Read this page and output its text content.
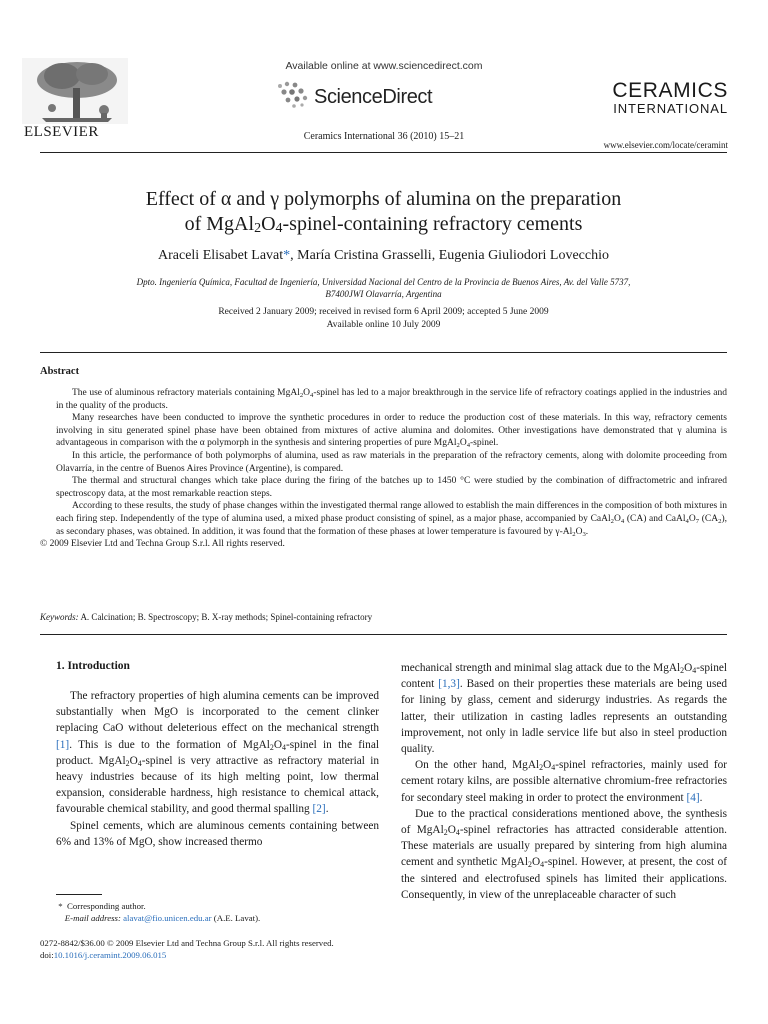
ELSEVIER
Available online at www.sciencedirect.com
ScienceDirect
Ceramics International 36 (2010) 15–21
CERAMICS
INTERNATIONAL
www.elsevier.com/locate/ceramint
Effect of α and γ polymorphs of alumina on the preparation
of $MgAl_2O_4-spinel$-containing refractory cements
Araceli Elisabet Lavat*, María Cristina Grasselli, Eugenia Giuliodori Lovecchio
Dpto. Ingeniería Química, Facultad de Ingeniería, Universidad Nacional del Centro de la Provincia de Buenos Aires, Av. del Valle 5737,
B7400JWI Olavarría, Argentina
Received 2 January 2009; received in revised form 6 April 2009; accepted 5 June 2009
Available online 10 July 2009
Abstract

The use of aluminous refractory materials containing $MgAl_2O_4$-spinel has led to a major breakthrough in the service life of refractory coatings applied in the industries and in the quality of the products.

Many researches have been conducted to improve the synthetic procedures in order to reduce the production cost of these materials. In this way, refractory cements involving in situ generated spinel phase have been obtained from mixtures of active alumina and dolomites. Other investigations have demonstrated that γ alumina is advantageous in comparison with the α polymorph in the synthesis and sintering properties of pure $MgAl_2O_4$-spinel.

In this article, the performance of both polymorphs of alumina, used as raw materials in the preparation of the refractory cements, along with dolomite proceeding from Olavarría, in the centre of Buenos Aires Province (Argentine), is compared.

The thermal and structural changes which take place during the firing of the batches up to 1450 °C were studied by the combination of diffractometric and infrared spectroscopy data, at the most remarkable reaction steps.

According to these results, the study of phase changes within the investigated thermal range allowed to establish the main differences in the composition of both mixtures in each firing step. Independently of the type of alumina used, a mixed phase product consisting of spinel, as a major phase, accompanied by $CaAl_2O_4$ (CA) and $CaAl_4O_7$ $(CA_2)$, as secondary phases, was obtained. In addition, it was found that the formation of these phases at lower temperature is favoured by $\gamma-Al_2O_3$.

© 2009 Elsevier Ltd and Techna Group S.r.l. All rights reserved.

Keywords: A. Calcination; B. Spectroscopy; B. X-ray methods; Spinel-containing refractory
1. Introduction

The refractory properties of high alumina cements can be improved substantially when MgO is incorporated to the cement clinker replacing CaO without deleterious effect on the mechanical strength [1]. This is due to the formation of $MgAl_2O_4$-spinel in the final product. $MgAl_2O_4$-spinel is very attractive as refractory material in heavy industries because of its high melting point, low thermal expansion, considerable hardness, high resistance to chemical attack, favourable chemical stability, and good thermal spalling [2].

Spinel cements, which are aluminous cements containing between 6% and 13% of MgO, show increased thermo

mechanical strength and minimal slag attack due to the $MgAl_2O_4$-spinel content [1,3]. Based on their properties these materials are being used for lining by glass, cement and siderurgy industries. As regards the latter, their utilization in casting ladles represents an outstanding improvement, not only in ladle service life but also in steel production quality.

On the other hand, $MgAl_2O_4$-spinel refractories, mainly used for cement rotary kilns, are possible alternative chromium-free refractories for secondary steel making in order to protect the environment [4].

Due to the practical considerations mentioned above, the synthesis of $MgAl_2O_4$-spinel refractories has attracted considerable attention. These materials are usually prepared by sintering from high alumina cement and synthetic $MgAl_2O_4$-spinel. However, at present, the cost of the sintered and electrofused spinels has limited their applications. Consequently, in view of the unreplaceable character of such

* Corresponding author.
E-mail address: alavat@fio.unicen.edu.ar (A.E. Lavat).
0272-8842/$36.00 © 2009 Elsevier Ltd and Techna Group S.r.l. All rights reserved.
doi:10.1016/j.ceramint.2009.06.015
